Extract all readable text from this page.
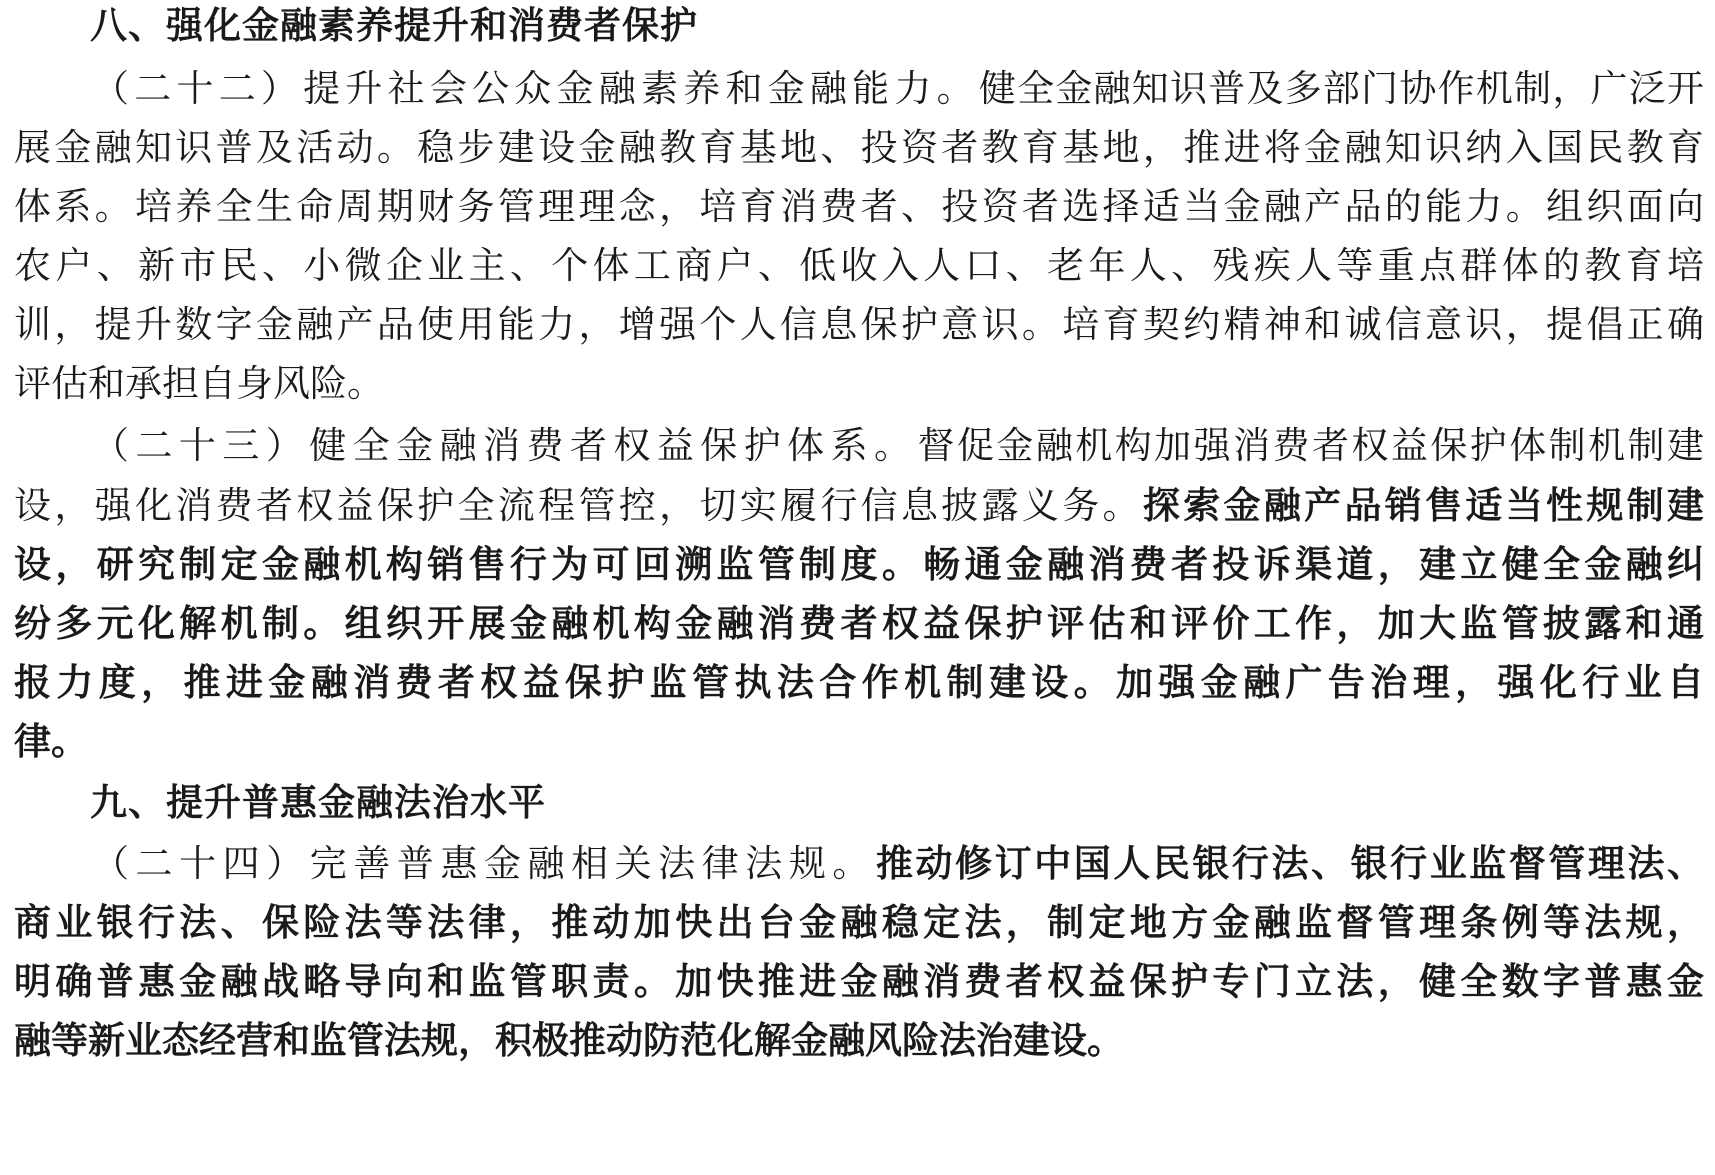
八、强化金融素养提升和消费者保护
（二十二）提升社会公众金融素养和金融能力。健全金融知识普及多部门协作机制，广泛开
展金融知识普及活动。稳步建设金融教育基地、投资者教育基地，推进将金融知识纳入国民教育
体系。培养全生命周期财务管理理念，培育消费者、投资者选择适当金融产品的能力。组织面向
农户、新市民、小微企业主、个体工商户、低收入人口、老年人、残疾人等重点群体的教育培
训，提升数字金融产品使用能力，增强个人信息保护意识。培育契约精神和诚信意识，提倡正确
评估和承担自身风险。
（二十三）健全金融消费者权益保护体系。督促金融机构加强消费者权益保护体制机制建
设，强化消费者权益保护全流程管控，切实履行信息披露义务。探索金融产品销售适当性规制建
设，研究制定金融机构销售行为可回溯监管制度。畅通金融消费者投诉渠道，建立健全金融纠
纷多元化解机制。组织开展金融机构金融消费者权益保护评估和评价工作，加大监管披露和通
报力度，推进金融消费者权益保护监管执法合作机制建设。加强金融广告治理，强化行业自
律。
九、提升普惠金融法治水平
（二十四）完善普惠金融相关法律法规。推动修订中国人民银行法、银行业监督管理法、
商业银行法、保险法等法律，推动加快出台金融稳定法，制定地方金融监督管理条例等法规，
明确普惠金融战略导向和监管职责。加快推进金融消费者权益保护专门立法，健全数字普惠金
融等新业态经营和监管法规，积极推动防范化解金融风险法治建设。
